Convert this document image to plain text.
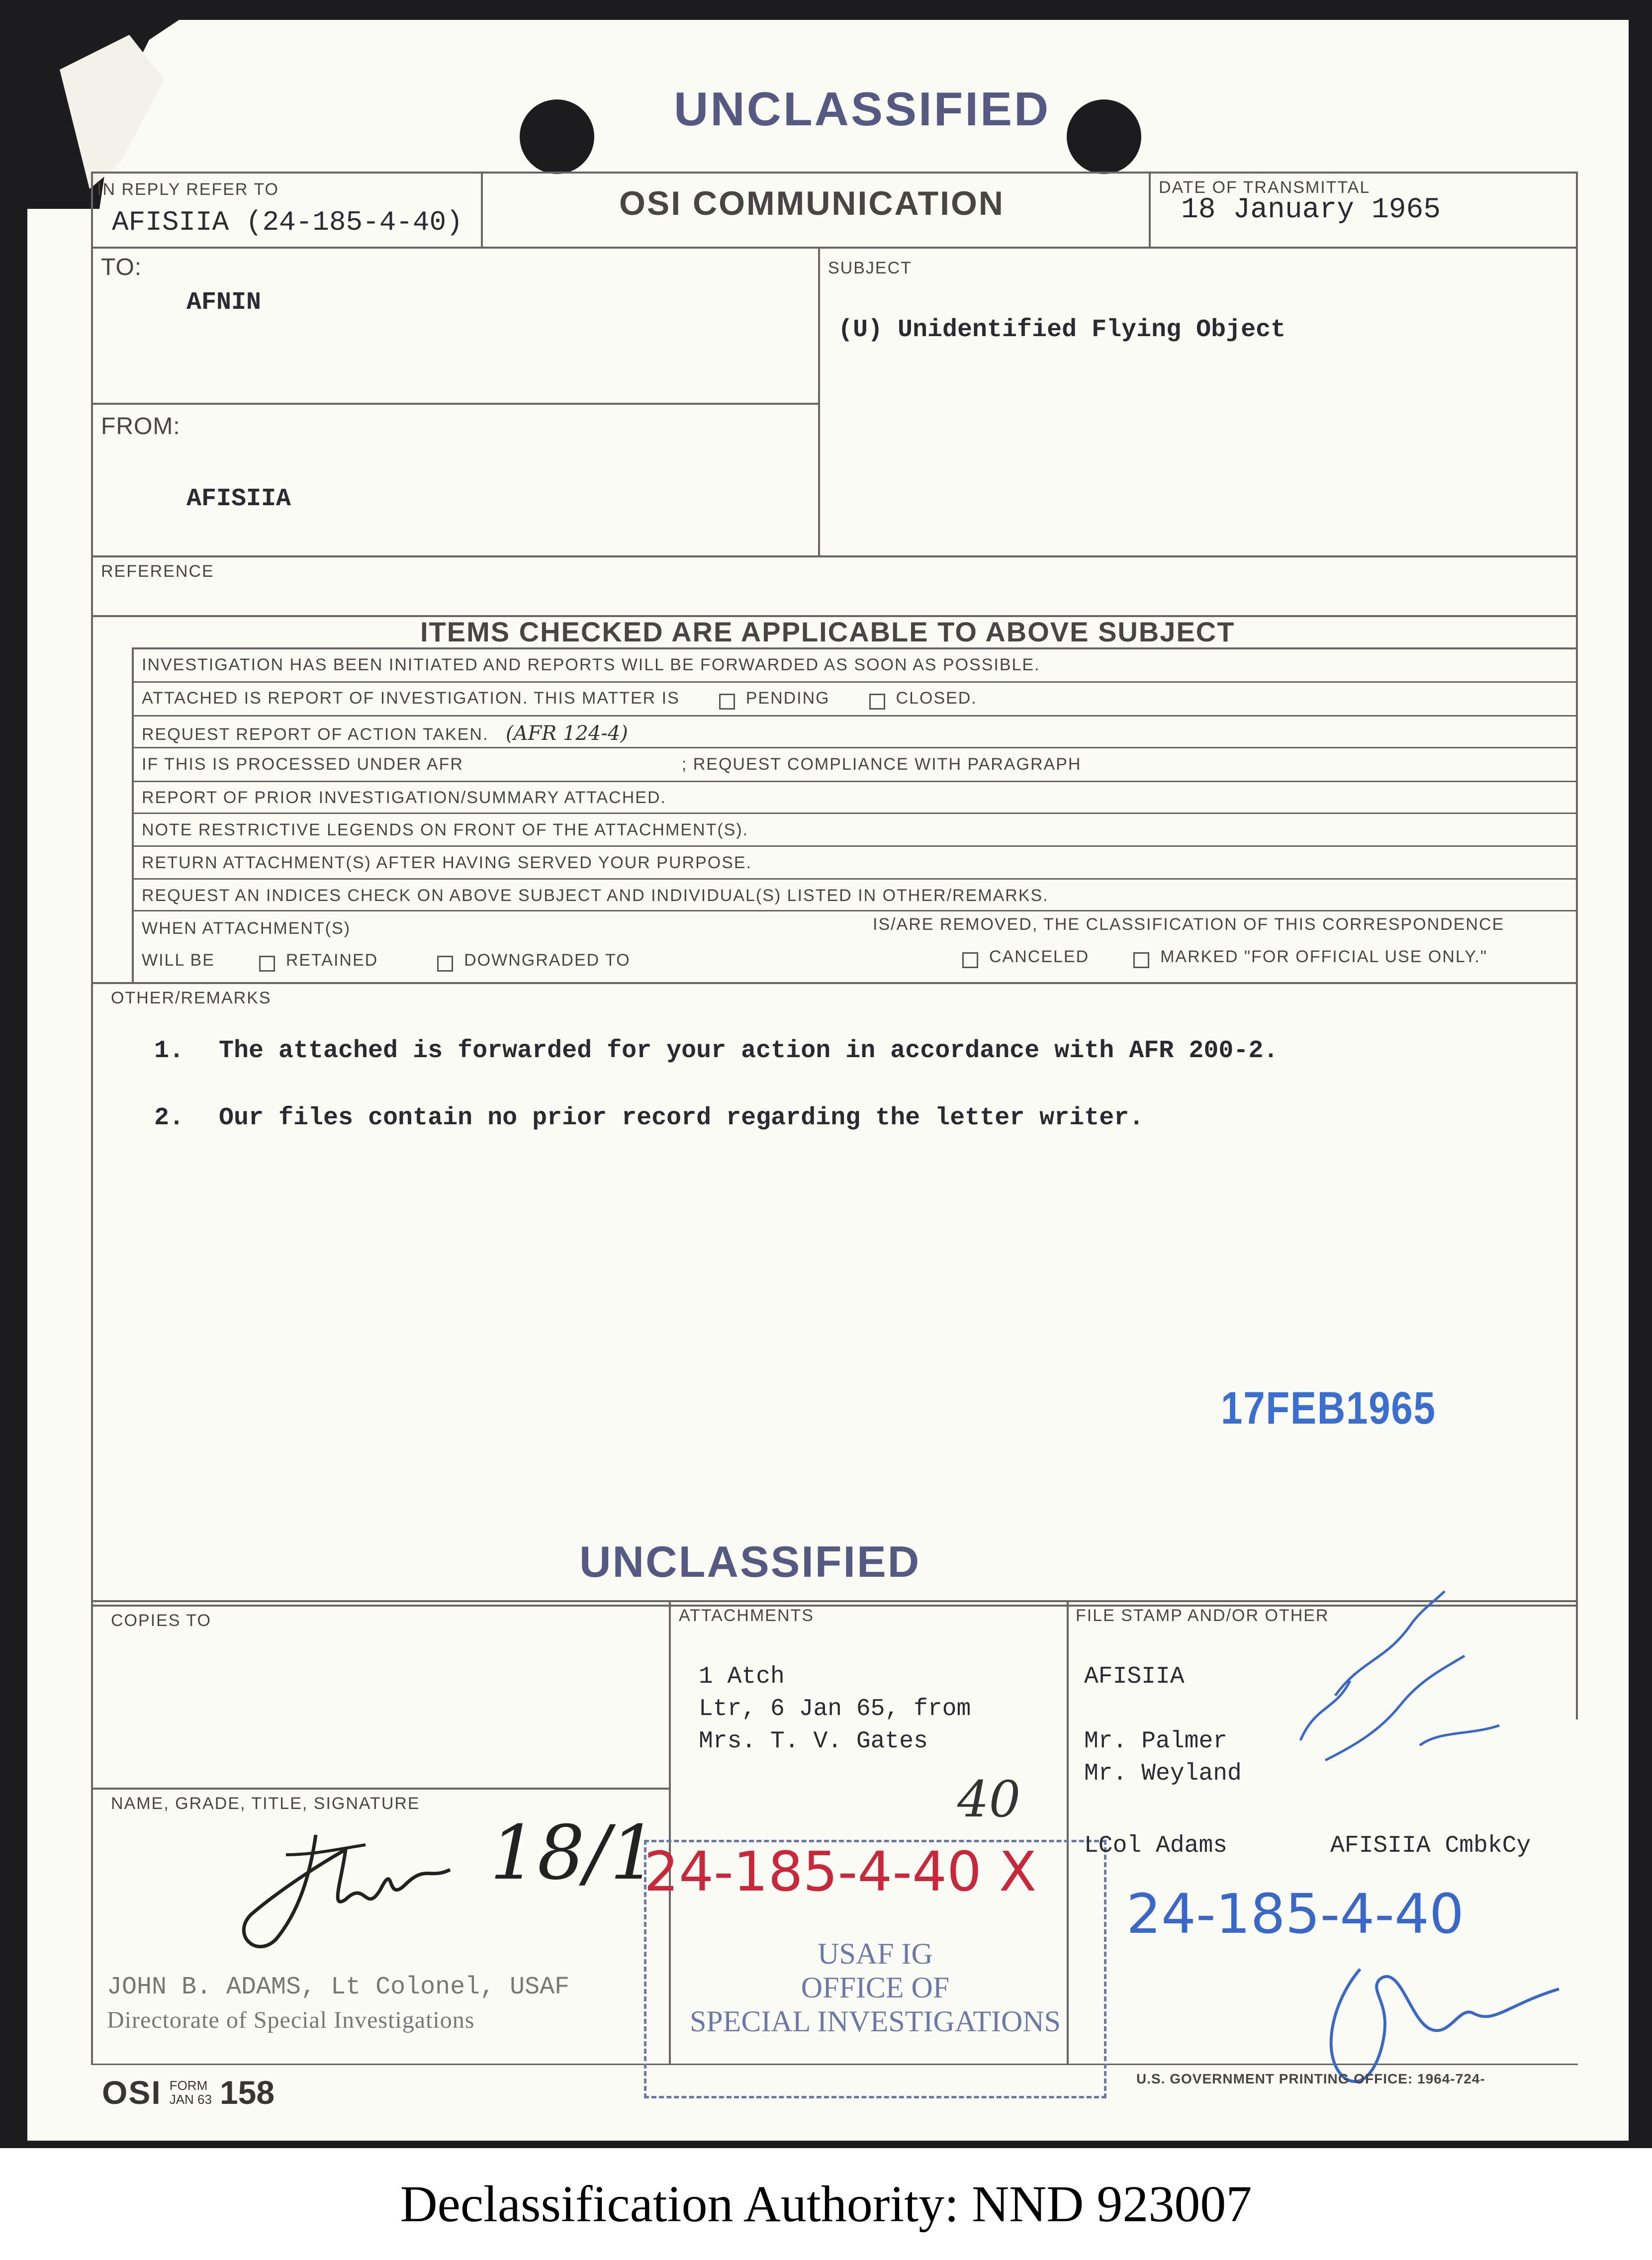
UNCLASSIFIED
IN REPLY REFER TO
AFISIIA (24-185-4-40)	OSI COMMUNICATION	DATE OF TRANSMITTAL
18 January 1965
TO:
AFNIN
SUBJECT
(U) Unidentified Flying Object
FROM:
AFISIIA
REFERENCE
ITEMS CHECKED ARE APPLICABLE TO ABOVE SUBJECT
INVESTIGATION HAS BEEN INITIATED AND REPORTS WILL BE FORWARDED AS SOON AS POSSIBLE.
ATTACHED IS REPORT OF INVESTIGATION. THIS MATTER IS	PENDING	CLOSED.
REQUEST REPORT OF ACTION TAKEN. (AFR 124-4)
IF THIS IS PROCESSED UNDER AFR	; REQUEST COMPLIANCE WITH PARAGRAPH
REPORT OF PRIOR INVESTIGATION/SUMMARY ATTACHED.
NOTE RESTRICTIVE LEGENDS ON FRONT OF THE ATTACHMENT(S).
RETURN ATTACHMENT(S) AFTER HAVING SERVED YOUR PURPOSE.
REQUEST AN INDICES CHECK ON ABOVE SUBJECT AND INDIVIDUAL(S) LISTED IN OTHER/REMARKS.
WHEN ATTACHMENT(S)	IS/ARE REMOVED, THE CLASSIFICATION OF THIS CORRESPONDENCE
WILL BE	RETAINED	DOWNGRADED TO	CANCELED	MARKED "FOR OFFICIAL USE ONLY."
OTHER/REMARKS
1. The attached is forwarded for your action in accordance with AFR 200-2.
2. Our files contain no prior record regarding the letter writer.
17FEB1965
UNCLASSIFIED
COPIES TO
NAME, GRADE, TITLE, SIGNATURE
18/1
JOHN B. ADAMS, Lt Colonel, USAF
Directorate of Special Investigations
ATTACHMENTS
1 Atch
Ltr, 6 Jan 65, from
Mrs. T. V. Gates
40
USAF IG
OFFICE OF
SPECIAL INVESTIGATIONS
24-185-4-40 X
FILE STAMP AND/OR OTHER
AFISIIA
Mr. Palmer
Mr. Weyland
LCol Adams	AFISIIA CmbkCy
24-185-4-40
OSI FORM
JAN 63 158	U.S. GOVERNMENT PRINTING OFFICE: 1964-724-
Declassification Authority: NND 923007
